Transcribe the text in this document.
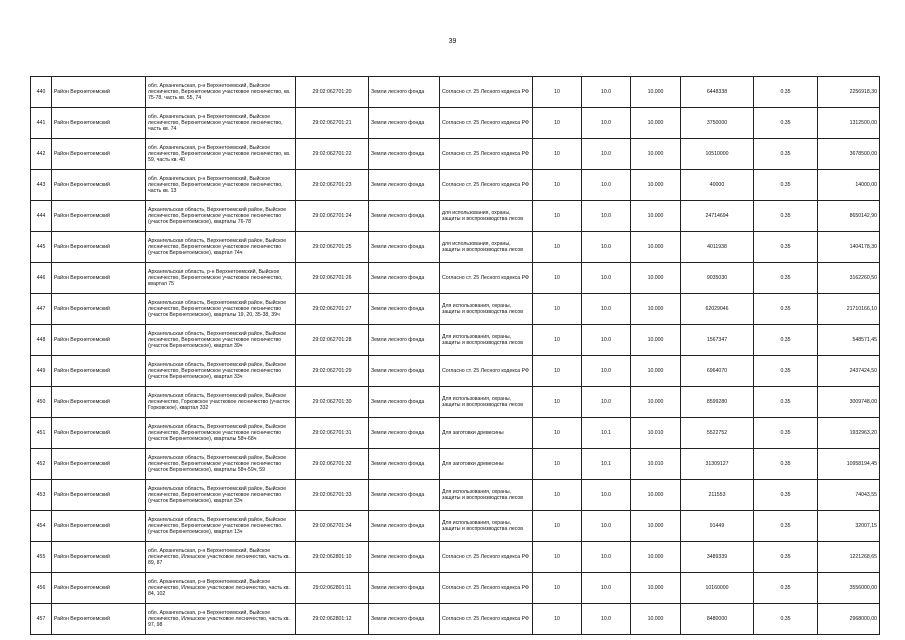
39
440	Район Верхнетоемский	обл. Архангельская, р-н Верхнетоемский, Выйское лесничество, Верхнетоемское участковое лесничество, кв. 75-78, часть кв. 55, 74	29:02:062701:20	Земли лесного фонда	Согласно ст. 25 Лесного кодекса РФ	10	10.0	10.000	6448338	0.35	2256918,30
441	Район Верхнетоемский	обл. Архангельская, р-н Верхнетоемский, Выйское лесничество, Верхнетоемское участковое лесничество, часть кв. 74	29:02:062701:21	Земли лесного фонда	Согласно ст. 25 Лесного кодекса РФ	10	10.0	10.000	3750000	0.35	1312500,00
442	Район Верхнетоемский	обл. Архангельская, р-н Верхнетоемский, Выйское лесничество, Верхнетоемское участковое лесничество, кв. 59, часть кв. 40	29:02:062701:22	Земли лесного фонда	Согласно ст. 25 Лесного кодекса РФ	10	10.0	10.000	10510000	0.35	3678500,00
443	Район Верхнетоемский	обл. Архангельская, р-н Верхнетоемский, Выйское лесничество, Верхнетоемское участковое лесничество, часть кв. 13	29:02:062701:23	Земли лесного фонда	Согласно ст. 25 Лесного кодекса РФ	10	10.0	10.000	40000	0.35	14000,00
444	Район Верхнетоемский	Архангельская область, Верхнетоемский район, Выйское лесничество, Верхнетоемское участковое лесничество (участок Верхнетоемское), кварталы 76-78	29:02:062701:24	Земли лесного фонда	для использования, охраны, защиты и воспроизводства лесов	10	10.0	10.000	24714694	0.35	8650142,90
445	Район Верхнетоемский	Архангельская область, Верхнетоемский район, Выйское лесничество, Верхнетоемское участковое лесничество (участок Верхнетоемское), квартал 74ч	29:02:062701:25	Земли лесного фонда	для использования, охраны, защиты и воспроизводства лесов	10	10.0	10.000	4011938	0.35	1404178,30
446	Район Верхнетоемский	Архангельская область, р-н Верхнетоемский, Выйское лесничество, Верхнетоемское участковое лесничество, квартал 75	29:02:062701:26	Земли лесного фонда	Согласно ст. 25 Лесного кодекса РФ	10	10.0	10.000	9035030	0.35	3162260,50
447	Район Верхнетоемский	Архангельская область, Верхнетоемский район, Выйское лесничество, Верхнетоемское участковое лесничество (участок Верхнетоемское), кварталы 19, 20, 35-38, 39ч	29:02:062701:27	Земли лесного фонда	Для использования, охраны, защиты и воспроизводства лесов	10	10.0	10.000	62029046	0.35	21710166,10
448	Район Верхнетоемский	Архангельская область, Верхнетоемский район, Выйское лесничество, Верхнетоемское участковое лесничество (участок Верхнетоемское), квартал 39ч	29:02:062701:28	Земли лесного фонда	Для использования, охраны, защиты и воспроизводства лесов	10	10.0	10.000	1567347	0.35	548571,45
449	Район Верхнетоемский	Архангельская область, Верхнетоемский район, Выйское лесничество, Верхнетоемское участковое лесничество (участок Верхнетоемское), квартал 33ч	29:02:062701:29	Земли лесного фонда	Согласно ст. 25 Лесного кодекса РФ	10	10.0	10.000	6964070	0.35	2437424,50
450	Район Верхнетоемский	Архангельская область, Верхнетоемский район, Выйское лесничество, Горковское участковое лесничество (участок Горковское), квартал 332	29:02:062701:30	Земли лесного фонда	Для использования, охраны, защиты и воспроизводства лесов	10	10.0	10.000	8599280	0.35	3009748,00
451	Район Верхнетоемский	Архангельская область, Верхнетоемский район, Выйское лесничество, Верхнетоемское участковое лесничество (участок Верхнетоемское), кварталы 58ч-68ч	29:02:062701:31	Земли лесного фонда	Для заготовки древесины	10	10.1	10.010	5522752	0.35	1932963,20
452	Район Верхнетоемский	Архангельская область, Верхнетоемский район, Выйское лесничество, Верхнетоемское участковое лесничество (участок Верхнетоемское), кварталы 58ч-59ч, 59	29:02:062701:32	Земли лесного фонда	Для заготовки древесины	10	10.1	10.010	31309127	0.35	10958194,45
453	Район Верхнетоемский	Архангельская область, Верхнетоемский район, Выйское лесничество, Верхнетоемское участковое лесничество (участок Верхнетоемское), квартал 33ч	29:02:062701:33	Земли лесного фонда	Для использования, охраны, защиты и воспроизводства лесов	10	10.0	10.000	211553	0.35	74043,55
454	Район Верхнетоемский	Архангельская область, Верхнетоемский район, Выйское лесничество, Верхнетоемское участковое лесничество. (участок Верхнетоемское), квартал 13ч	29:02:062701:34	Земли лесного фонда	Для использования, охраны, защиты и воспроизводства лесов	10	10.0	10.000	91449	0.35	32007,15
455	Район Верхнетоемский	обл. Архангельская, р-н Верхнетоемский, Выйское лесничество, Илешское участковое лесничество, часть кв. 89, 87	29:02:062801:10	Земли лесного фонда	Согласно ст. 25 Лесного кодекса РФ	10	10.0	10.000	3489339	0.35	1221268,65
456	Район Верхнетоемский	обл. Архангельская, р-н Верхнетоемский, Выйское лесничество, Илешское участковое лесничество, часть кв. 84, 102	29:02:062801:11	Земли лесного фонда	Согласно ст. 25 Лесного кодекса РФ	10	10.0	10.000	10160000	0.35	3556000,00
457	Район Верхнетоемский	обл. Архангельская, р-н Верхнетоемский, Выйское лесничество, Илешское участковое лесничество, часть кв. 97, 98	29:02:062801:12	Земли лесного фонда	Согласно ст. 25 Лесного кодекса РФ	10	10.0	10.000	8480000	0.35	2968000,00
